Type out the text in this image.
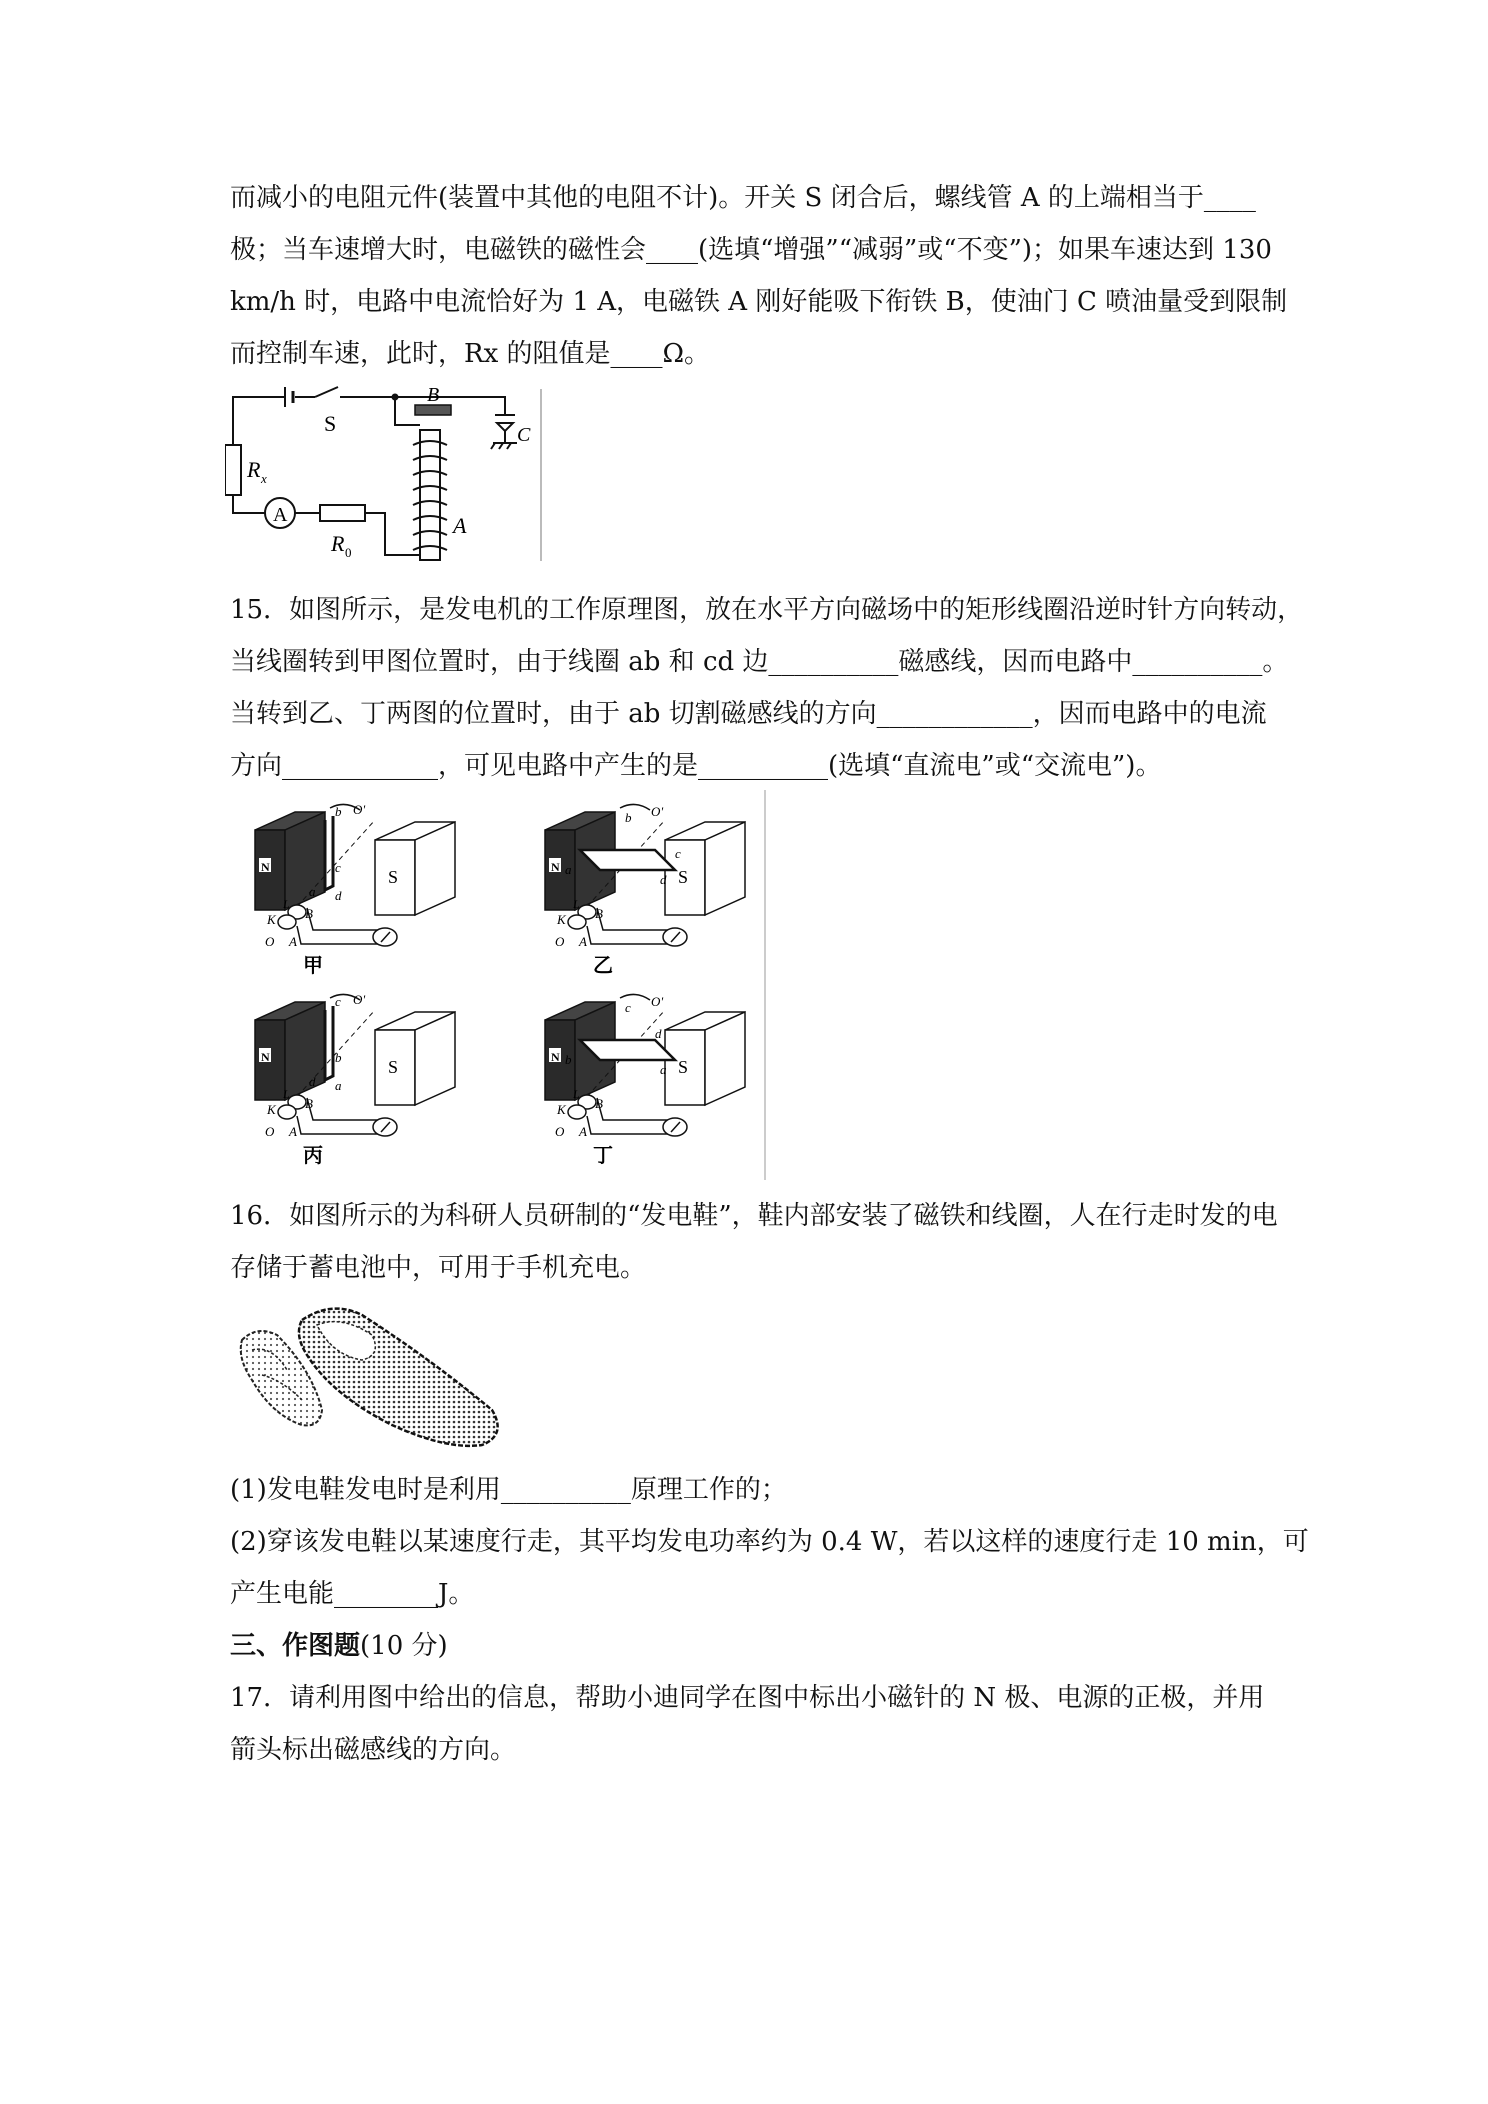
而减小的电阻元件(装置中其他的电阻不计)。开关 S 闭合后，螺线管 A 的上端相当于____
极；当车速增大时，电磁铁的磁性会____(选填“增强”“减弱”或“不变”)；如果车速达到 130
km/h 时，电路中电流恰好为 1 A，电磁铁 A 刚好能吸下衔铁 B，使油门 C 喷油量受到限制
而控制车速，此时，Rx 的阻值是____Ω。
B
C
S
R x
A
R 0
A
15．如图所示，是发电机的工作原理图，放在水平方向磁场中的矩形线圈沿逆时针方向转动，
当线圈转到甲图位置时，由于线圈 ab 和 cd 边__________磁感线，因而电路中__________。
当转到乙、丁两图的位置时，由于 ab 切割磁感线的方向____________，因而电路中的电流
方向____________，可见电路中产生的是__________(选填“直流电”或“交流电”)。
N	S
b O'
c
a d
L
K B
O A
甲
N	S
b O'
a
c
d
L
K B
O A
乙
N	S
c O'
b
d a
L
K B
O A
丙
N	S
c O'
d
b
a
L
K B
O A
丁
16．如图所示的为科研人员研制的“发电鞋”，鞋内部安装了磁铁和线圈，人在行走时发的电
存储于蓄电池中，可用于手机充电。
(1)发电鞋发电时是利用__________原理工作的；
(2)穿该发电鞋以某速度行走，其平均发电功率约为 0.4 W，若以这样的速度行走 10 min，可
产生电能________J。
三、作图题(10 分)
17．请利用图中给出的信息，帮助小迪同学在图中标出小磁针的 N 极、电源的正极，并用
箭头标出磁感线的方向。
